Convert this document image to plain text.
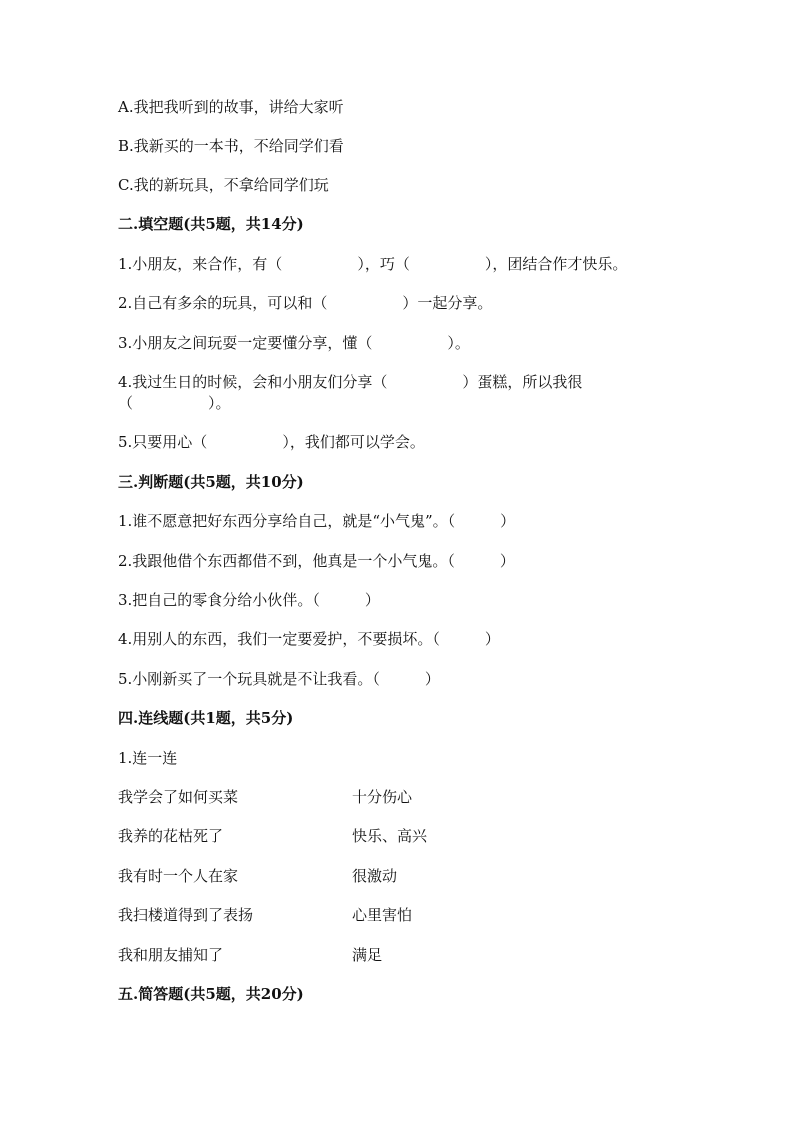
A.我把我听到的故事，讲给大家听
B.我新买的一本书，不给同学们看
C.我的新玩具，不拿给同学们玩
二.填空题(共5题，共14分)
1.小朋友，来合作，有（　　　　　），巧（　　　　　），团结合作才快乐。
2.自己有多余的玩具，可以和（　　　　　）一起分享。
3.小朋友之间玩耍一定要懂分享，懂（　　　　　）。
4.我过生日的时候，会和小朋友们分享（　　　　　）蛋糕，所以我很
（　　　　　）。
5.只要用心（　　　　　），我们都可以学会。
三.判断题(共5题，共10分)
1.谁不愿意把好东西分享给自己，就是“小气鬼”。（　　　）
2.我跟他借个东西都借不到，他真是一个小气鬼。（　　　）
3.把自己的零食分给小伙伴。（　　　）
4.用别人的东西，我们一定要爱护，不要损坏。（　　　）
5.小刚新买了一个玩具就是不让我看。（　　　）
四.连线题(共1题，共5分)
1.连一连
我学会了如何买菜	十分伤心
我养的花枯死了	快乐、高兴
我有时一个人在家	很激动
我扫楼道得到了表扬	心里害怕
我和朋友捕知了	满足
五.简答题(共5题，共20分)
